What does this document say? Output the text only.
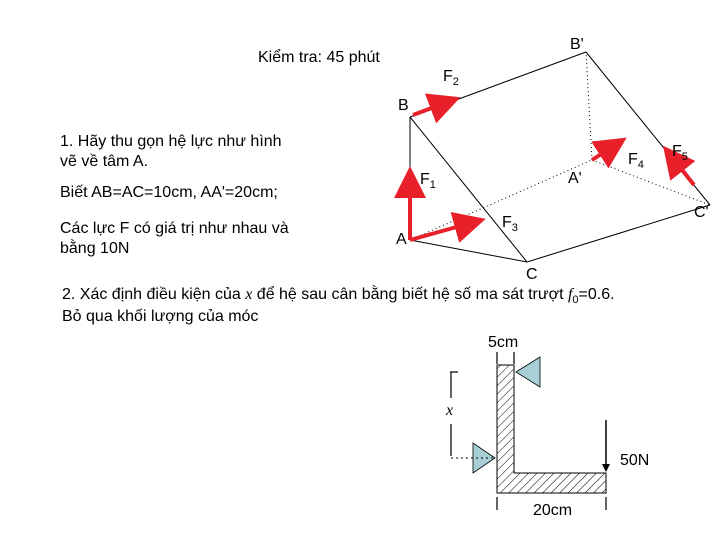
Kiểm tra: 45 phút
1. Hãy thu gọn hệ lực như hình
vẽ về tâm A.
Biết AB=AC=10cm, AA'=20cm;
Các lực F có giá trị như nhau và
bằng 10N
2. Xác định điều kiện của x để hệ sau cân bằng biết hệ số ma sát trượt $f_0=0.6$.
Bỏ qua khối lượng của móc
B'
B
A
A'
C
C'
$F_1$
$F_2$
$F_3$
$F_4$
$F_5$
5cm
x
50N
20cm
